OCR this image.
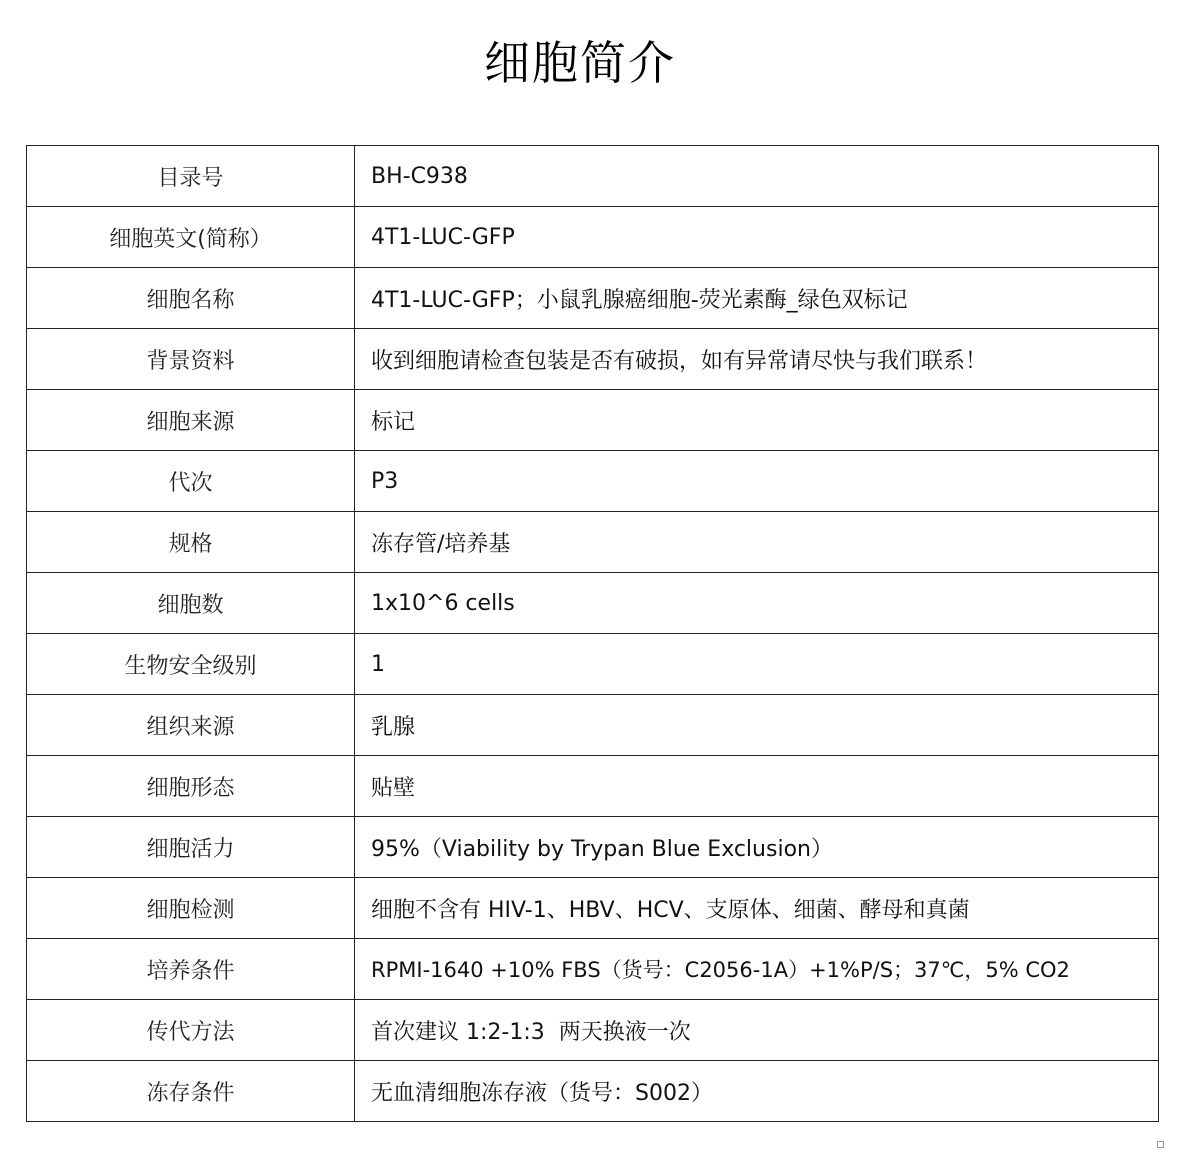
细胞简介
目录号	BH-C938
细胞英文(简称）	4T1-LUC-GFP
细胞名称	4T1-LUC-GFP；小鼠乳腺癌细胞-荧光素酶_绿色双标记
背景资料	收到细胞请检查包装是否有破损，如有异常请尽快与我们联系！
细胞来源	标记
代次	P3
规格	冻存管/培养基
细胞数	1x10^6 cells
生物安全级别	1
组织来源	乳腺
细胞形态	贴壁
细胞活力	95%（Viability by Trypan Blue Exclusion）
细胞检测	细胞不含有 HIV-1、HBV、HCV、支原体、细菌、酵母和真菌
培养条件	RPMI-1640 +10% FBS（货号：C2056-1A）+1%P/S；37℃，5% CO2
传代方法	首次建议 1:2-1:3  两天换液一次
冻存条件	无血清细胞冻存液（货号：S002）
